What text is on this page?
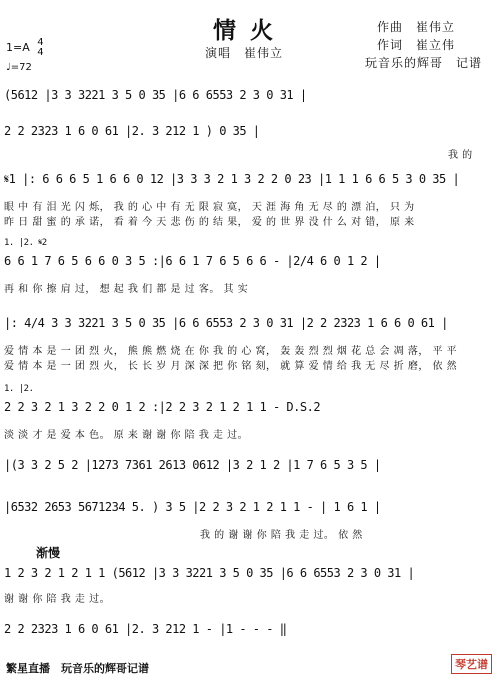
情火
演唱　崔伟立
作曲　崔伟立
作词　崔立伟
玩音乐的辉哥　记谱
1=A 4
4
♩=72
(5612 |3 3 3221 3 5 0 35 |6 6 6553 2 3 0 31 |
2 2 2323 1 6 0 61 |2. 3 212 1 ) 0 35 |
我 的
𝄋1 |: 6 6 6 5 1 6 6 0 12 |3 3 3 2 1 3 2 2 0 23 |1 1 1 6 6 5 3 0 35 |
眼 中 有 泪 光 闪 烁， 我 的 心 中 有 无 限 寂 寞， 天 涯 海 角 无 尽 的 漂 泊， 只 为
昨 日 甜 蜜 的 承 诺， 看 着 今 天 悲 伤 的 结 果， 爱 的 世 界 没 什 么 对 错， 原 来
1. |2. 𝄋2
6 6 1 7 6 5 6 6 0 3 5 :|6 6 1 7 6 5 6 6 - |2/4 6 0 1 2 |
再 和 你 擦 肩 过， 想 起 我 们 都 是 过 客。 其 实
|: 4/4 3 3 3221 3 5 0 35 |6 6 6553 2 3 0 31 |2 2 2323 1 6 6 0 61 |
爱 情 本 是 一 团 烈 火， 熊 熊 燃 烧 在 你 我 的 心 窝， 轰 轰 烈 烈 烟 花 总 会 凋 落， 平 平
爱 情 本 是 一 团 烈 火， 长 长 岁 月 深 深 把 你 铭 刻， 就 算 爱 情 给 我 无 尽 折 磨， 依 然
1. |2.
2 2 3 2 1 3 2 2 0 1 2 :|2 2 3 2 1 2 1 1 - D.S.2
淡 淡 才 是 爱 本 色。 原 来 谢 谢 你 陪 我 走 过。
|(3 3 2 5 2 |1273 7361 2613 0612 |3 2 1 2 |1 7 6 5 3 5 |
|6532 2653 5671234 5. ) 3 5 |2 2 3 2 1 2 1 1 - | 1 6 1 |
我 的 谢 谢 你 陪 我 走 过。 依 然
渐慢
1 2 3 2 1 2 1 1 (5612 |3 3 3221 3 5 0 35 |6 6 6553 2 3 0 31 |
谢 谢 你 陪 我 走 过。
2 2 2323 1 6 0 61 |2. 3 212 1 - |1 - - - ‖
繁星直播　玩音乐的辉哥记谱	琴艺谱
